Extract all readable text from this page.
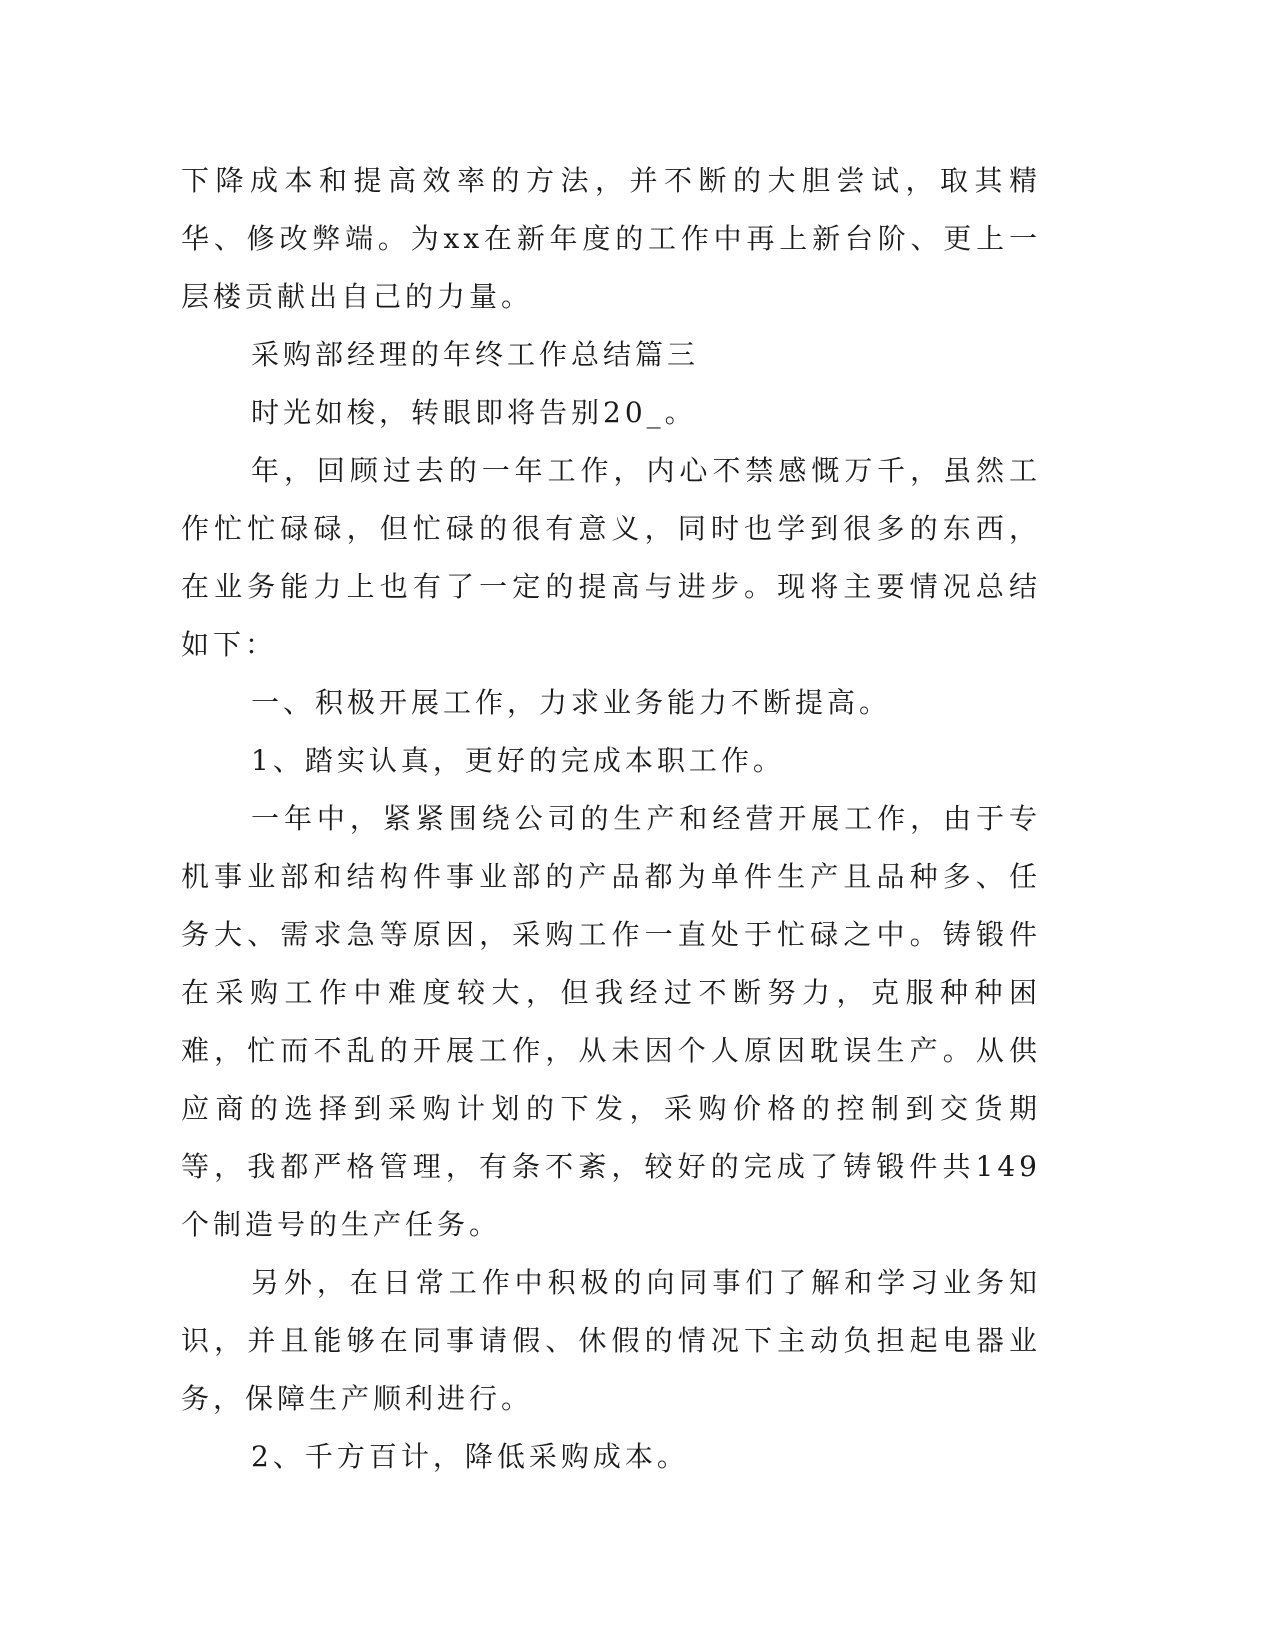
下降成本和提高效率的方法，并不断的大胆尝试，取其精华、修改弊端。为xx在新年度的工作中再上新台阶、更上一层楼贡献出自己的力量。

采购部经理的年终工作总结篇三

时光如梭，转眼即将告别20_。

年，回顾过去的一年工作，内心不禁感慨万千，虽然工作忙忙碌碌，但忙碌的很有意义，同时也学到很多的东西，在业务能力上也有了一定的提高与进步。现将主要情况总结如下：

一、积极开展工作，力求业务能力不断提高。

1、踏实认真，更好的完成本职工作。

一年中，紧紧围绕公司的生产和经营开展工作，由于专机事业部和结构件事业部的产品都为单件生产且品种多、任务大、需求急等原因，采购工作一直处于忙碌之中。铸锻件在采购工作中难度较大，但我经过不断努力，克服种种困难，忙而不乱的开展工作，从未因个人原因耽误生产。从供应商的选择到采购计划的下发，采购价格的控制到交货期等，我都严格管理，有条不紊，较好的完成了铸锻件共149个制造号的生产任务。

另外，在日常工作中积极的向同事们了解和学习业务知识，并且能够在同事请假、休假的情况下主动负担起电器业务，保障生产顺利进行。

2、千方百计，降低采购成本。
